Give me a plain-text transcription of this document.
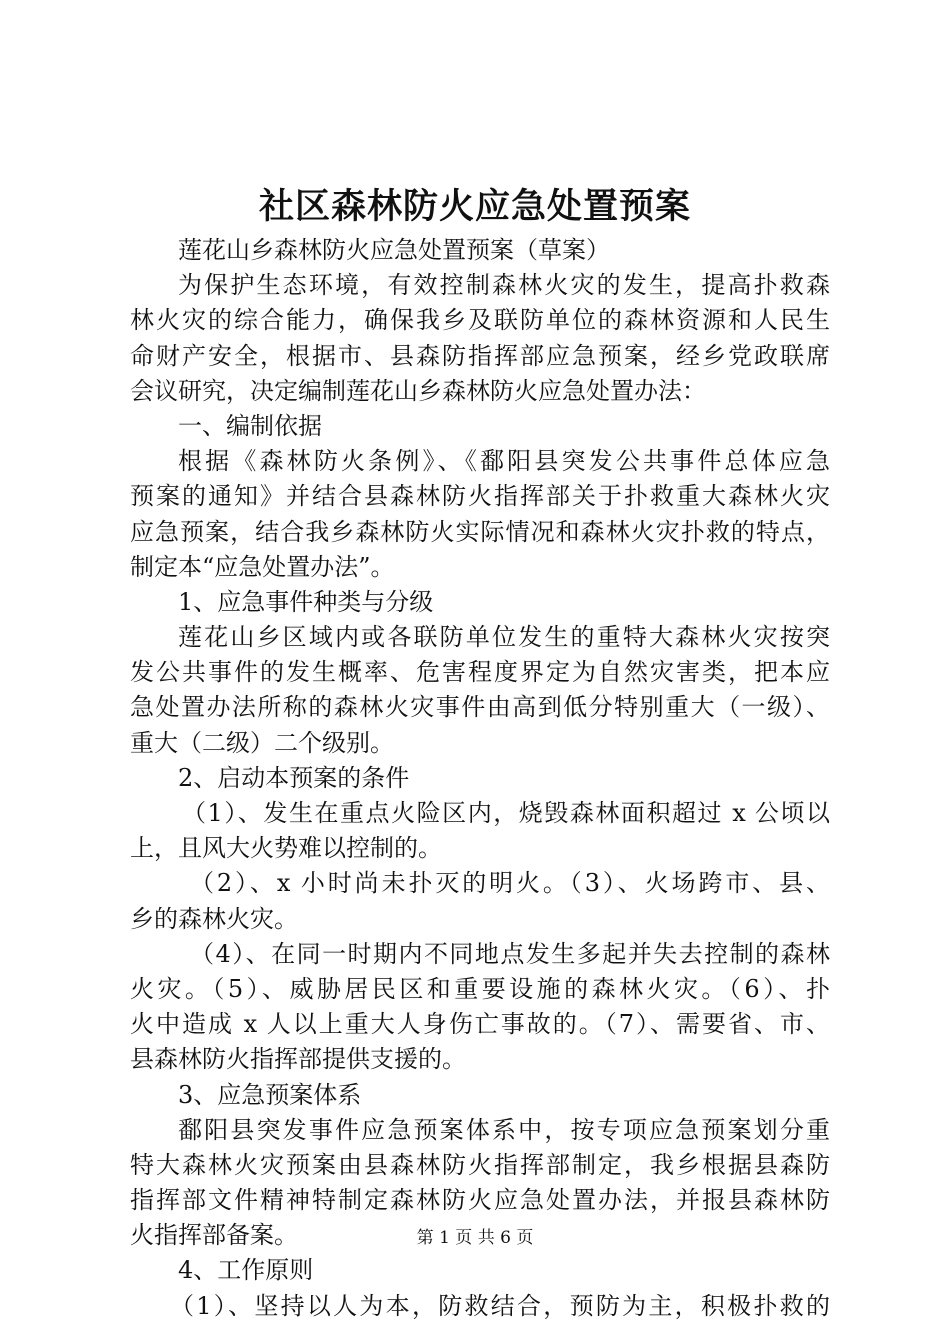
社区森林防火应急处置预案
莲花山乡森林防火应急处置预案（草案）
为保护生态环境，有效控制森林火灾的发生，提高扑救森
林火灾的综合能力，确保我乡及联防单位的森林资源和人民生
命财产安全，根据市、县森防指挥部应急预案，经乡党政联席
会议研究，决定编制莲花山乡森林防火应急处置办法：
一、编制依据
根据《森林防火条例》、《鄱阳县突发公共事件总体应急
预案的通知》并结合县森林防火指挥部关于扑救重大森林火灾
应急预案，结合我乡森林防火实际情况和森林火灾扑救的特点，
制定本“应急处置办法”。
1、应急事件种类与分级
莲花山乡区域内或各联防单位发生的重特大森林火灾按突
发公共事件的发生概率、危害程度界定为自然灾害类，把本应
急处置办法所称的森林火灾事件由高到低分特别重大（一级）、
重大（二级）二个级别。
2、启动本预案的条件
（1）、发生在重点火险区内，烧毁森林面积超过 x 公顷以
上，且风大火势难以控制的。
（2）、x 小时尚未扑灭的明火。（3）、火场跨市、县、
乡的森林火灾。
（4）、在同一时期内不同地点发生多起并失去控制的森林
火灾。（5）、威胁居民区和重要设施的森林火灾。（6）、扑
火中造成 x 人以上重大人身伤亡事故的。（7）、需要省、市、
县森林防火指挥部提供支援的。
3、应急预案体系
鄱阳县突发事件应急预案体系中，按专项应急预案划分重
特大森林火灾预案由县森林防火指挥部制定，我乡根据县森防
指挥部文件精神特制定森林防火应急处置办法，并报县森林防
火指挥部备案。
4、工作原则
（1）、坚持以人为本，防救结合，预防为主，积极扑救的
第 1 页 共 6 页
